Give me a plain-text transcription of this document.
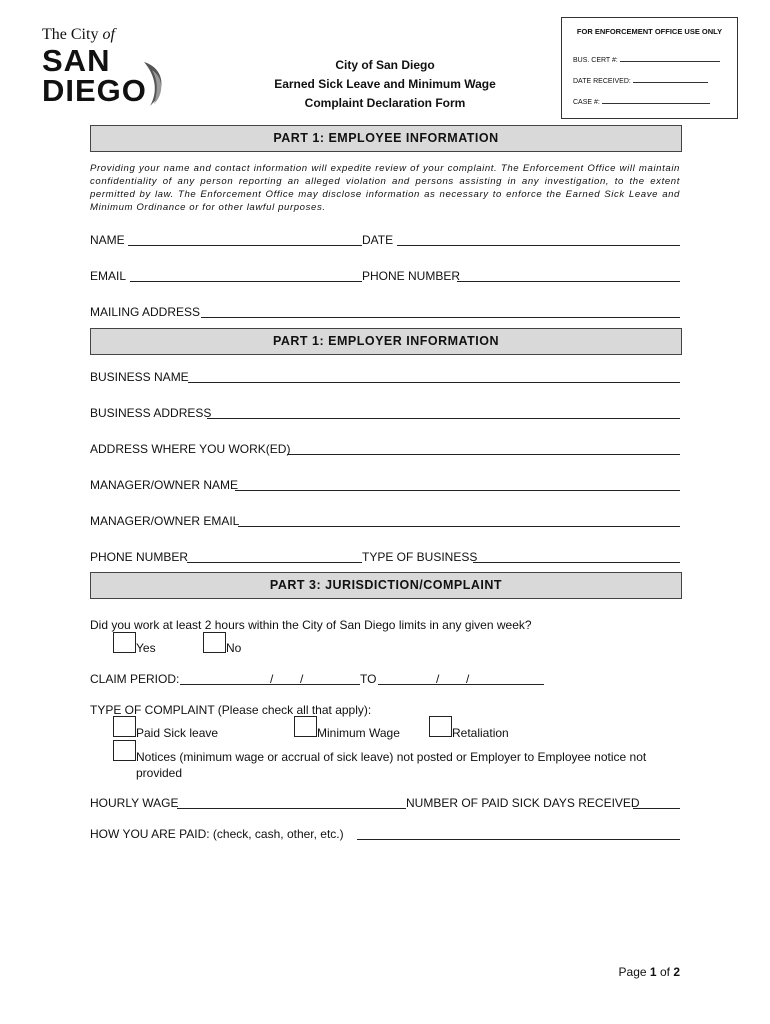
The City of
SAN
DIEGO
City of San Diego
Earned Sick Leave and Minimum Wage
Complaint Declaration Form
FOR ENFORCEMENT OFFICE USE ONLY
BUS. CERT #:
DATE RECEIVED:
CASE #:
PART 1: EMPLOYEE INFORMATION
Providing your name and contact information will expedite review of your complaint. The Enforcement Office will maintain confidentiality of any person reporting an alleged violation and persons assisting in any investigation, to the extent permitted by law. The Enforcement Office may disclose information as necessary to enforce the Earned Sick Leave and Minimum Ordinance or for other lawful purposes.
NAME	DATE
EMAIL	PHONE NUMBER
MAILING ADDRESS
PART 1: EMPLOYER INFORMATION
BUSINESS NAME
BUSINESS ADDRESS
ADDRESS WHERE YOU WORK(ED)
MANAGER/OWNER NAME
MANAGER/OWNER EMAIL
PHONE NUMBER	TYPE OF BUSINESS
PART 3: JURISDICTION/COMPLAINT
Did you work at least 2 hours within the City of San Diego limits in any given week?
Yes	No
CLAIM PERIOD:	/ /	TO	/ /
TYPE OF COMPLAINT (Please check all that apply):
Paid Sick leave	Minimum Wage	Retaliation
Notices (minimum wage or accrual of sick leave) not posted or Employer to Employee notice not
provided
HOURLY WAGE	NUMBER OF PAID SICK DAYS RECEIVED
HOW YOU ARE PAID: (check, cash, other, etc.)
Page 1 of 2
